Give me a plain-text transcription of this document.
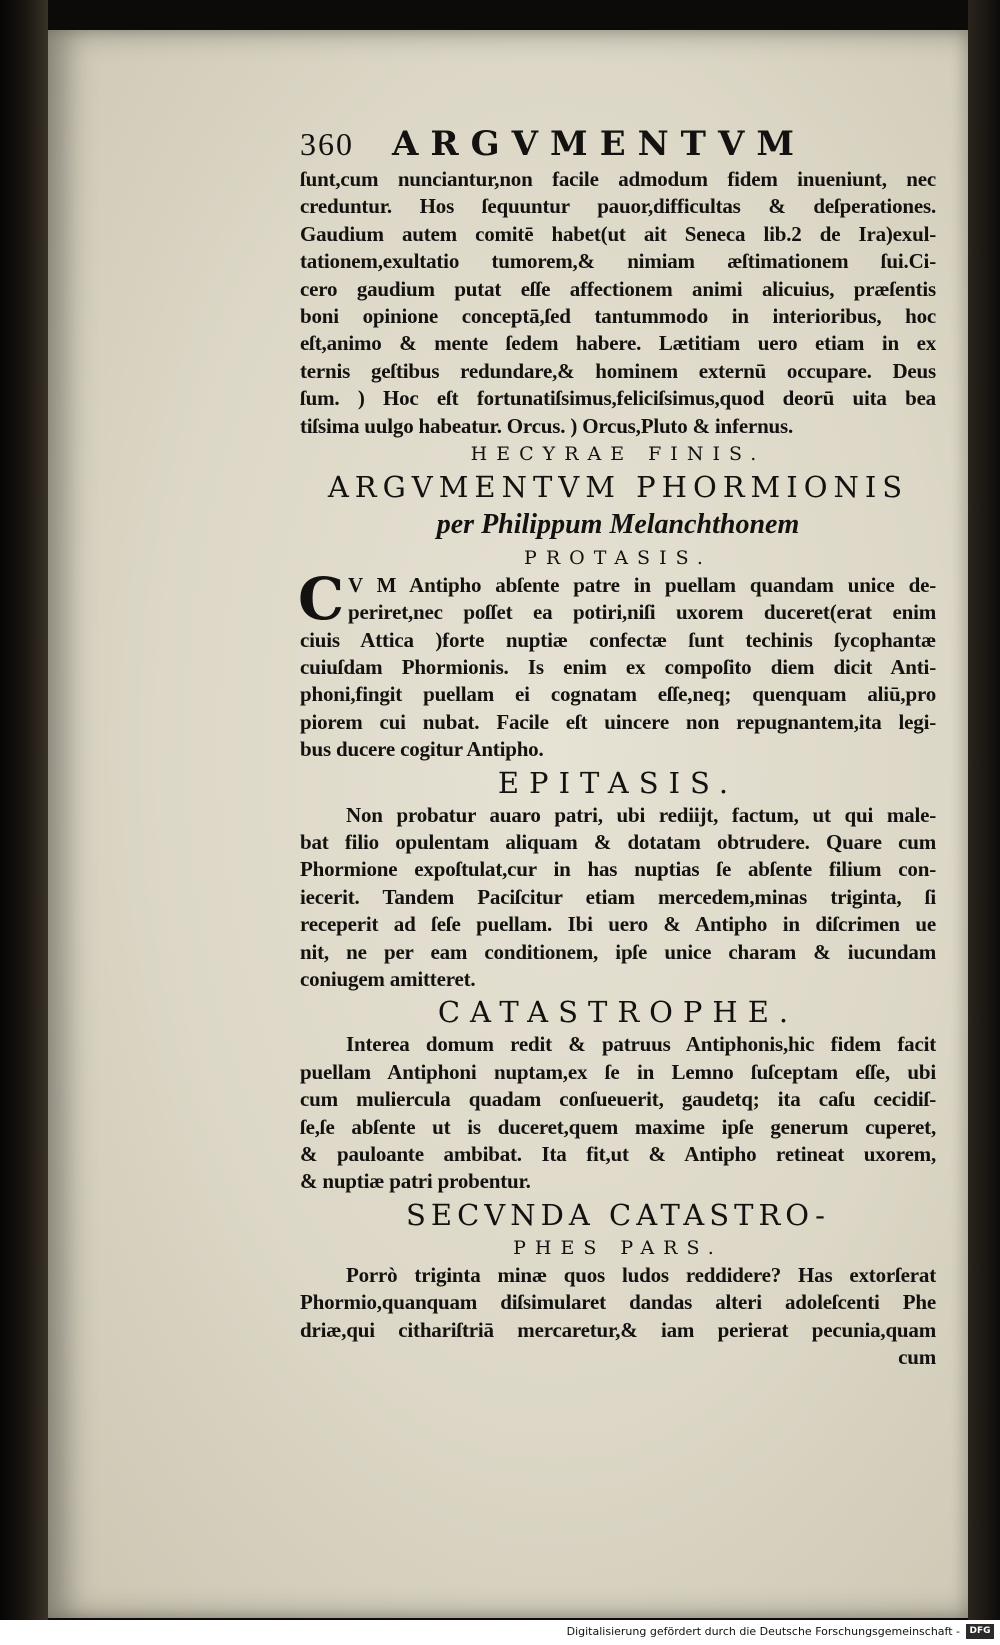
360 ARGVMENTVM
ſunt,cum nunciantur,non facile admodum fidem inueniunt, nec
creduntur. Hos ſequuntur pauor,difficultas & deſperationes.
Gaudium autem comitē habet(ut ait Seneca lib.2 de Ira)exul-
tationem,exultatio tumorem,& nimiam æſtimationem ſui.Ci-
cero gaudium putat eſſe affectionem animi alicuius, præſentis
boni opinione conceptā,ſed tantummodo in interioribus, hoc
eſt,animo & mente ſedem habere. Lætitiam uero etiam in ex
ternis geſtibus redundare,& hominem externū occupare. Deus
ſum. ) Hoc eſt fortunatiſsimus,feliciſsimus,quod deorū uita bea
tiſsima uulgo habeatur. Orcus. ) Orcus,Pluto & infernus.
HECYRAE FINIS.
ARGVMENTVM PHORMIONIS
per Philippum Melanchthonem
PROTASIS.
C V M Antipho abſente patre in puellam quandam unice de-
periret,nec poſſet ea potiri,niſi uxorem duceret(erat enim
ciuis Attica )forte nuptiæ confectæ ſunt techinis ſycophantæ
cuiuſdam Phormionis. Is enim ex compoſito diem dicit Anti-
phoni,fingit puellam ei cognatam eſſe,neq; quenquam aliū,pro
piorem cui nubat. Facile eſt uincere non repugnantem,ita legi-
bus ducere cogitur Antipho.
EPITASIS.
Non probatur auaro patri, ubi rediijt, factum, ut qui male-
bat filio opulentam aliquam & dotatam obtrudere. Quare cum
Phormione expoſtulat,cur in has nuptias ſe abſente filium con-
iecerit. Tandem Paciſcitur etiam mercedem,minas triginta, ſi
receperit ad ſeſe puellam. Ibi uero & Antipho in diſcrimen ue
nit, ne per eam conditionem, ipſe unice charam & iucundam
coniugem amitteret.
CATASTROPHE.
Interea domum redit & patruus Antiphonis,hic fidem facit
puellam Antiphoni nuptam,ex ſe in Lemno ſuſceptam eſſe, ubi
cum muliercula quadam conſueuerit, gaudetq; ita caſu cecidiſ-
ſe,ſe abſente ut is duceret,quem maxime ipſe generum cuperet,
& pauloante ambibat. Ita fit,ut & Antipho retineat uxorem,
& nuptiæ patri probentur.
SECVNDA CATASTRO-
PHES PARS.
Porrò triginta minæ quos ludos reddidere? Has extorſerat
Phormio,quanquam diſsimularet dandas alteri adoleſcenti Phe
driæ,qui cithariſtriā mercaretur,& iam perierat pecunia,quam
cum
Digitalisierung gefördert durch die Deutsche Forschungsgemeinschaft -	DFG
